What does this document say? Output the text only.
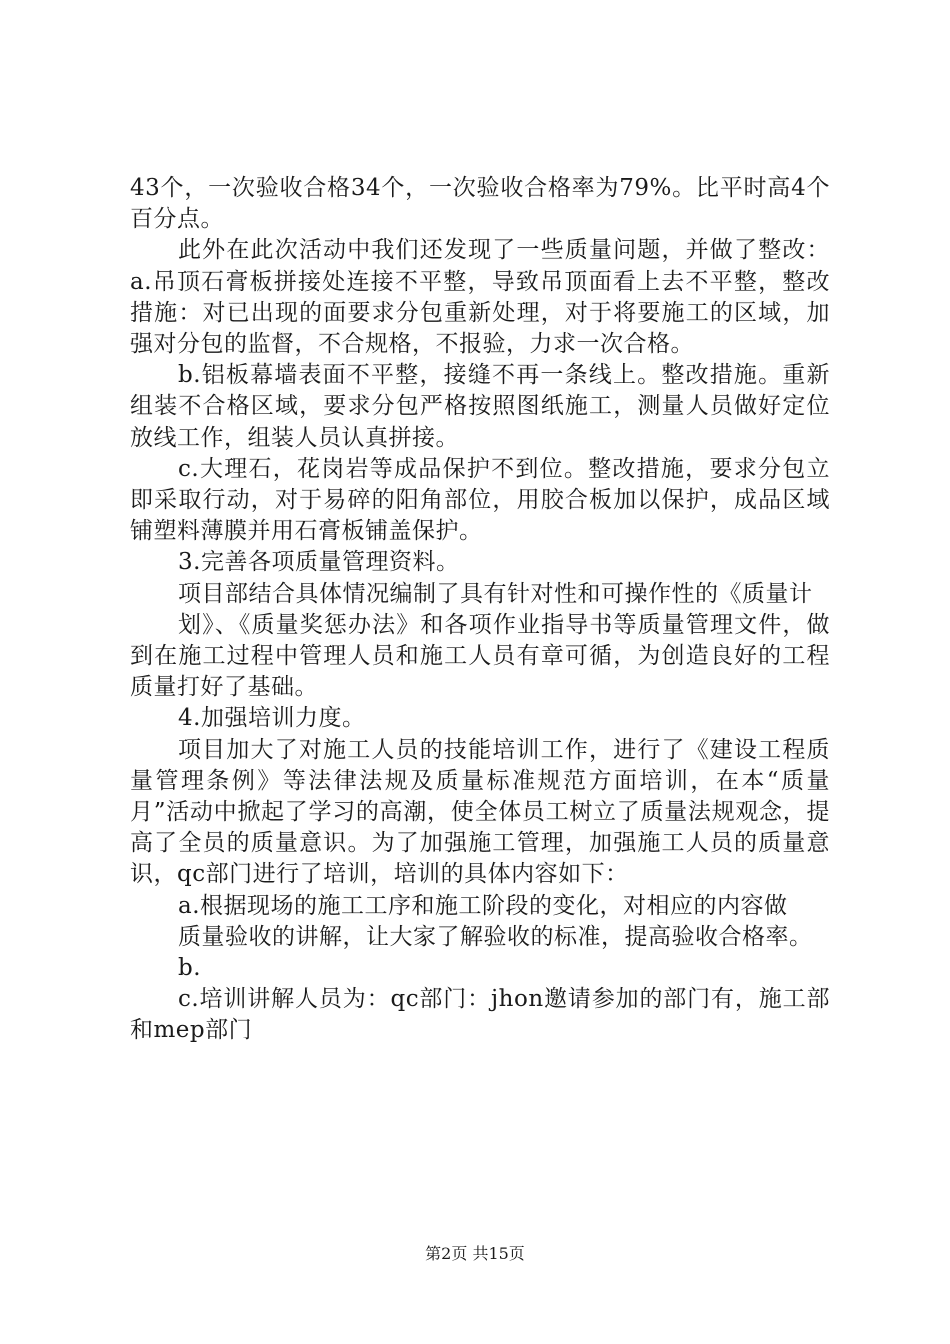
43个，一次验收合格34个，一次验收合格率为79%。比平时高4个百分点。

此外在此次活动中我们还发现了一些质量问题，并做了整改：a.吊顶石膏板拼接处连接不平整，导致吊顶面看上去不平整，整改措施：对已出现的面要求分包重新处理，对于将要施工的区域，加强对分包的监督，不合规格，不报验，力求一次合格。

b.铝板幕墙表面不平整，接缝不再一条线上。整改措施。重新组装不合格区域，要求分包严格按照图纸施工，测量人员做好定位放线工作，组装人员认真拼接。

c.大理石，花岗岩等成品保护不到位。整改措施，要求分包立即采取行动，对于易碎的阳角部位，用胶合板加以保护，成品区域铺塑料薄膜并用石膏板铺盖保护。

3.完善各项质量管理资料。

项目部结合具体情况编制了具有针对性和可操作性的《质量计

划》、《质量奖惩办法》和各项作业指导书等质量管理文件，做到在施工过程中管理人员和施工人员有章可循，为创造良好的工程质量打好了基础。

4.加强培训力度。

项目加大了对施工人员的技能培训工作，进行了《建设工程质量管理条例》等法律法规及质量标准规范方面培训，在本“质量月”活动中掀起了学习的高潮，使全体员工树立了质量法规观念，提高了全员的质量意识。为了加强施工管理，加强施工人员的质量意识，qc部门进行了培训，培训的具体内容如下：

a.根据现场的施工工序和施工阶段的变化，对相应的内容做

质量验收的讲解，让大家了解验收的标准，提高验收合格率。

b.

c.培训讲解人员为：qc部门：jhon邀请参加的部门有，施工部和mep部门

第2页 共15页
